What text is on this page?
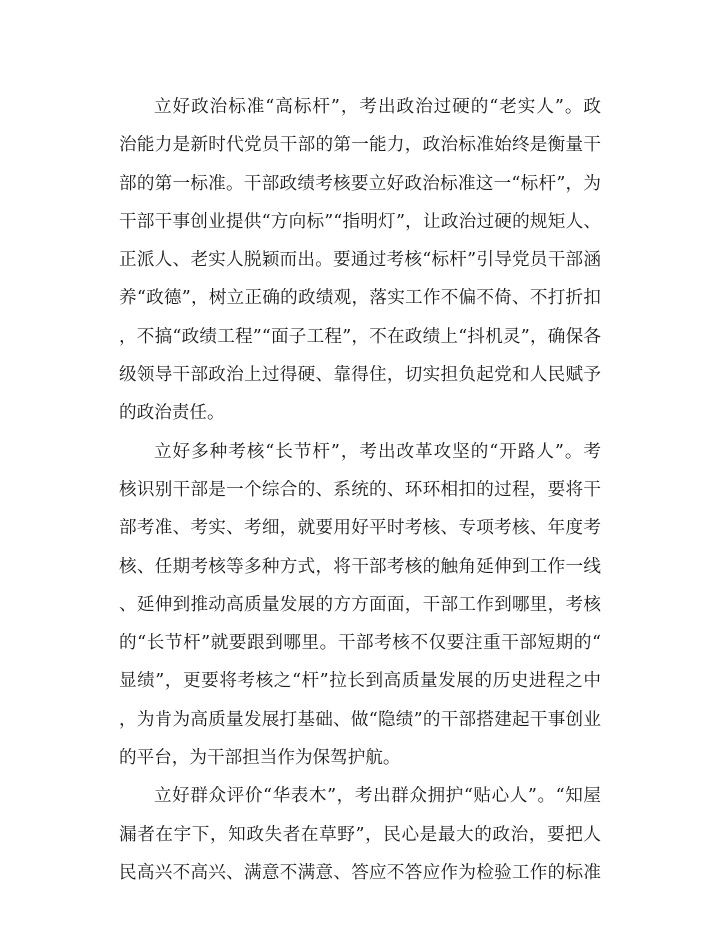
立好政治标准“高标杆”，考出政治过硬的“老实人”。政
治能力是新时代党员干部的第一能力，政治标准始终是衡量干
部的第一标准。干部政绩考核要立好政治标准这一“标杆”，为
干部干事创业提供“方向标”“指明灯”，让政治过硬的规矩人、
正派人、老实人脱颖而出。要通过考核“标杆”引导党员干部涵
养“政德”，树立正确的政绩观，落实工作不偏不倚、不打折扣
，不搞“政绩工程”“面子工程”，不在政绩上“抖机灵”，确保各
级领导干部政治上过得硬、靠得住，切实担负起党和人民赋予
的政治责任。
立好多种考核“长节杆”，考出改革攻坚的“开路人”。考
核识别干部是一个综合的、系统的、环环相扣的过程，要将干
部考准、考实、考细，就要用好平时考核、专项考核、年度考
核、任期考核等多种方式，将干部考核的触角延伸到工作一线
、延伸到推动高质量发展的方方面面，干部工作到哪里，考核
的“长节杆”就要跟到哪里。干部考核不仅要注重干部短期的“
显绩”，更要将考核之“杆”拉长到高质量发展的历史进程之中
，为肯为高质量发展打基础、做“隐绩”的干部搭建起干事创业
的平台，为干部担当作为保驾护航。
立好群众评价“华表木”，考出群众拥护“贴心人”。“知屋
漏者在宇下，知政失者在草野”，民心是最大的政治，要把人
民高兴不高兴、满意不满意、答应不答应作为检验工作的标准
